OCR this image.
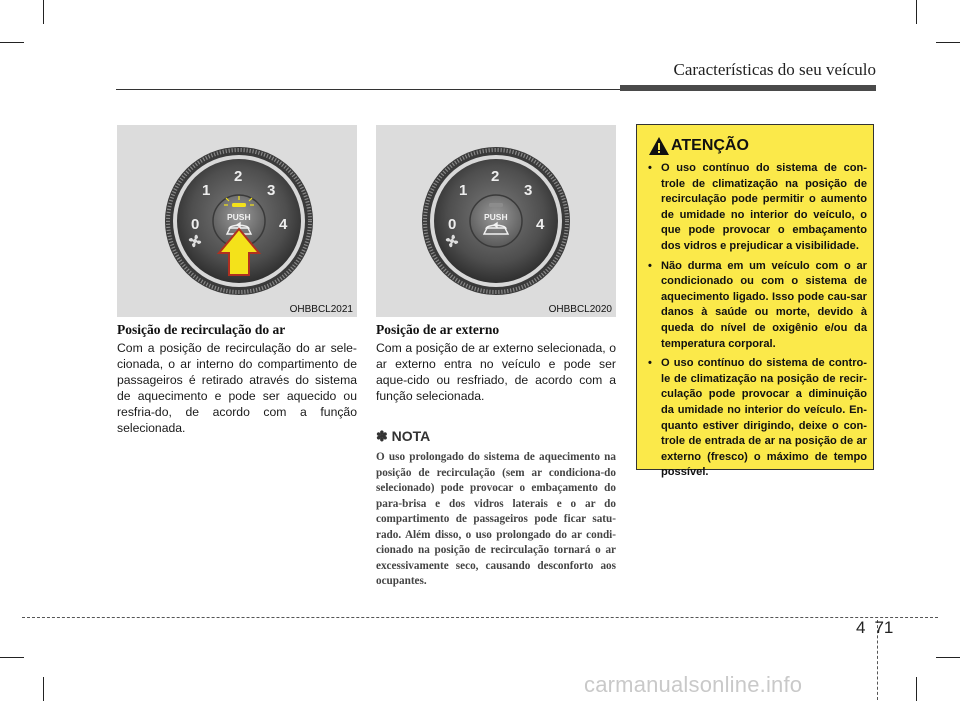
Características do seu veículo
0
1
2
3
4
PUSH
OHBBCL2021
0
1
2
3
4
PUSH
OHBBCL2020
Posição de recirculação do ar
Com a posição de recirculação do ar sele-cionada, o ar interno do compartimento de passageiros é retirado através do sistema de aquecimento e pode ser aquecido ou resfria-do, de acordo com a função selecionada.
Posição de ar externo
Com a posição de ar externo selecionada, o ar externo entra no veículo e pode ser aque-cido ou resfriado, de acordo com a função selecionada.
✽ NOTA
O uso prolongado do sistema de aquecimento na posição de recirculação (sem ar condiciona-do selecionado) pode provocar o embaçamento do para-brisa e dos vidros laterais e o ar do compartimento de passageiros pode ficar satu-rado. Além disso, o uso prolongado do ar condi-cionado na posição de recirculação tornará o ar excessivamente seco, causando desconforto aos ocupantes.
ATENÇÃO
• O uso contínuo do sistema de con-trole de climatização na posição de recirculação pode permitir o aumento de umidade no interior do veículo, o que pode provocar o embaçamento dos vidros e prejudicar a visibilidade.
• Não durma em um veículo com o ar condicionado ou com o sistema de aquecimento ligado. Isso pode cau-sar danos à saúde ou morte, devido à queda do nível de oxigênio e/ou da temperatura corporal.
• O uso contínuo do sistema de contro-le de climatização na posição de recir-culação pode provocar a diminuição da umidade no interior do veículo. En-quanto estiver dirigindo, deixe o con-trole de entrada de ar na posição de ar externo (fresco) o máximo de tempo possível.
4 71
carmanualsonline.info
